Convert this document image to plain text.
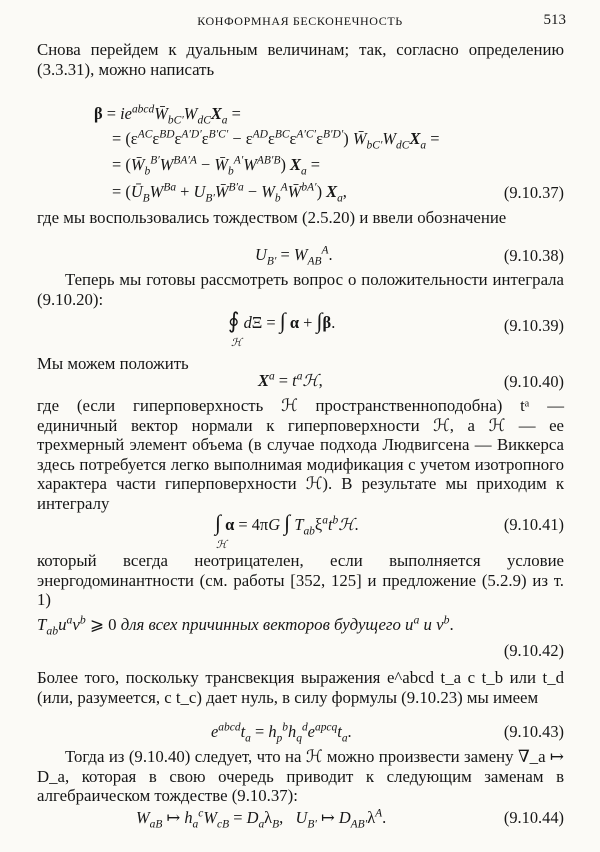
КОНФОРМНАЯ БЕСКОНЕЧНОСТЬ	513

Снова перейдем к дуальным величинам; так, согласно определению (3.3.31), можно написать

$\beta = ie^{abcd}W̄_{bC'}W_{dC}X_a$ =
= $(\varepsilon^{AC}\varepsilon^{BD}\varepsilon^{A'D'}\varepsilon^{B'C'} - \varepsilon^{AD}\varepsilon^{BC}\varepsilon^{A'C'}\varepsilon^{B'D'})$ $W̄_{bC'}W_{dC}X_a$ =
= ($W̄_b^{B'}W^{BA'A}$ − $W̄_b^{A'}W^{AB'B}$) $X_a$ =
= ($Ū_BW^{Ba}$ + $U_{B'}W̄^{B'a}$ − $W_b^AW̄^{bA'}$) $X_a$,	(9.10.37)

где мы воспользовались тождеством (2.5.20) и ввели обозначение

$U_{B'} = W_{AB}^A$.	(9.10.38)

Теперь мы готовы рассмотреть вопрос о положительности интеграла (9.10.20):

∮ dΞ = ∫ α + ∫β.
ℋ
(9.10.39)

Мы можем положить

$X^a$ = $t^aℋ$,	(9.10.40)

где (если гиперповерхность ℋ пространственноподобна) tᵃ — единичный вектор нормали к гиперповерхности ℋ, а ℋ — ее трехмерный элемент объема (в случае подхода Людвигсена — Виккерса здесь потребуется легко выполнимая модификация с учетом изотропного характера части гиперповерхности ℋ). В результате мы приходим к интегралу

∫ α = 4πG ∫ $T_{ab}\xi^at^bℋ$.
ℋ
(9.10.41)

который всегда неотрицателен, если выполняется условие энергодоминантности (см. работы [352, 125] и предложение (5.2.9) из т. 1)

$T_{ab}u^av^b$ ⩾ 0 для всех причинных векторов будущего $u^a$ и $v^b$.
(9.10.42)

Более того, поскольку трансвекция выражения e^abcd t_a с t_b или t_d (или, разумеется, с t_c) дает нуль, в силу формулы (9.10.23) мы имеем

$e^{abcd}t_a = h_p^bh_q^de^{apcq}t_a$.	(9.10.43)

Тогда из (9.10.40) следует, что на ℋ можно произвести замену ∇_a ↦ D_a, которая в свою очередь приводит к следующим заменам в алгебраическом тождестве (9.10.37):

$W_{aB}$ ↦ $h_a^cW_{cB} = D_a\lambda_B$,   $U_{B'}$ ↦ $D_{AB'}\lambda^A$.	(9.10.44)
